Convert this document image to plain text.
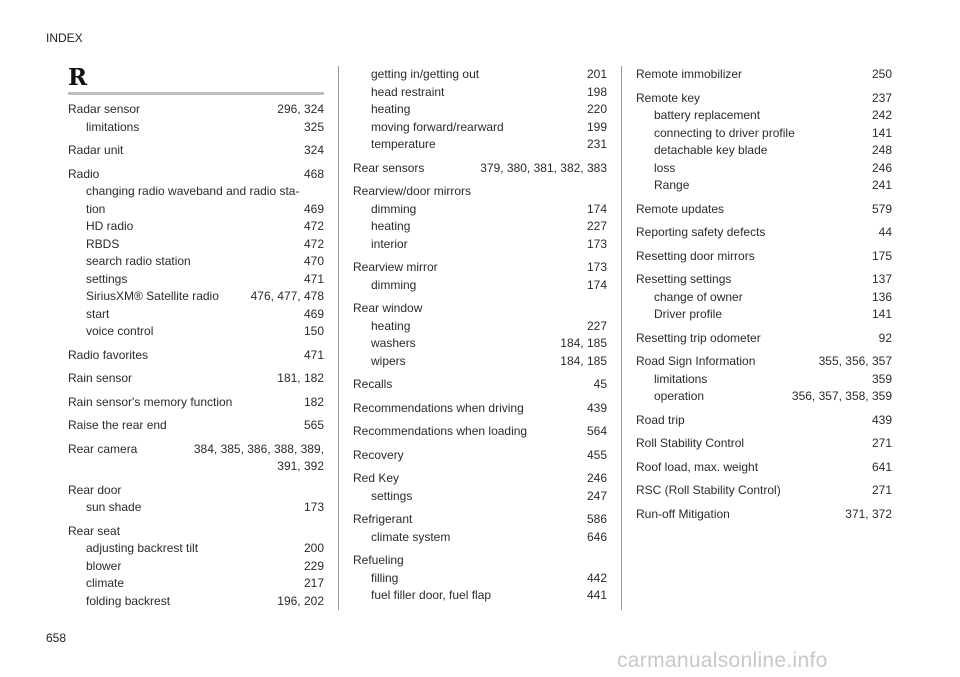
INDEX
R
Radar sensor	296, 324
limitations	325
Radar unit	324
Radio	468
changing radio waveband and radio sta-
tion	469
HD radio	472
RBDS	472
search radio station	470
settings	471
SiriusXM® Satellite radio	476, 477, 478
start	469
voice control	150
Radio favorites	471
Rain sensor	181, 182
Rain sensor's memory function	182
Raise the rear end	565
Rear camera	384, 385, 386, 388, 389,
391, 392
Rear door
sun shade	173
Rear seat
adjusting backrest tilt	200
blower	229
climate	217
folding backrest	196, 202
getting in/getting out	201
head restraint	198
heating	220
moving forward/rearward	199
temperature	231
Rear sensors	379, 380, 381, 382, 383
Rearview/door mirrors
dimming	174
heating	227
interior	173
Rearview mirror	173
dimming	174
Rear window
heating	227
washers	184, 185
wipers	184, 185
Recalls	45
Recommendations when driving	439
Recommendations when loading	564
Recovery	455
Red Key	246
settings	247
Refrigerant	586
climate system	646
Refueling
filling	442
fuel filler door, fuel flap	441
Remote immobilizer	250
Remote key	237
battery replacement	242
connecting to driver profile	141
detachable key blade	248
loss	246
Range	241
Remote updates	579
Reporting safety defects	44
Resetting door mirrors	175
Resetting settings	137
change of owner	136
Driver profile	141
Resetting trip odometer	92
Road Sign Information	355, 356, 357
limitations	359
operation	356, 357, 358, 359
Road trip	439
Roll Stability Control	271
Roof load, max. weight	641
RSC (Roll Stability Control)	271
Run-off Mitigation	371, 372
658
carmanualsonline.info
